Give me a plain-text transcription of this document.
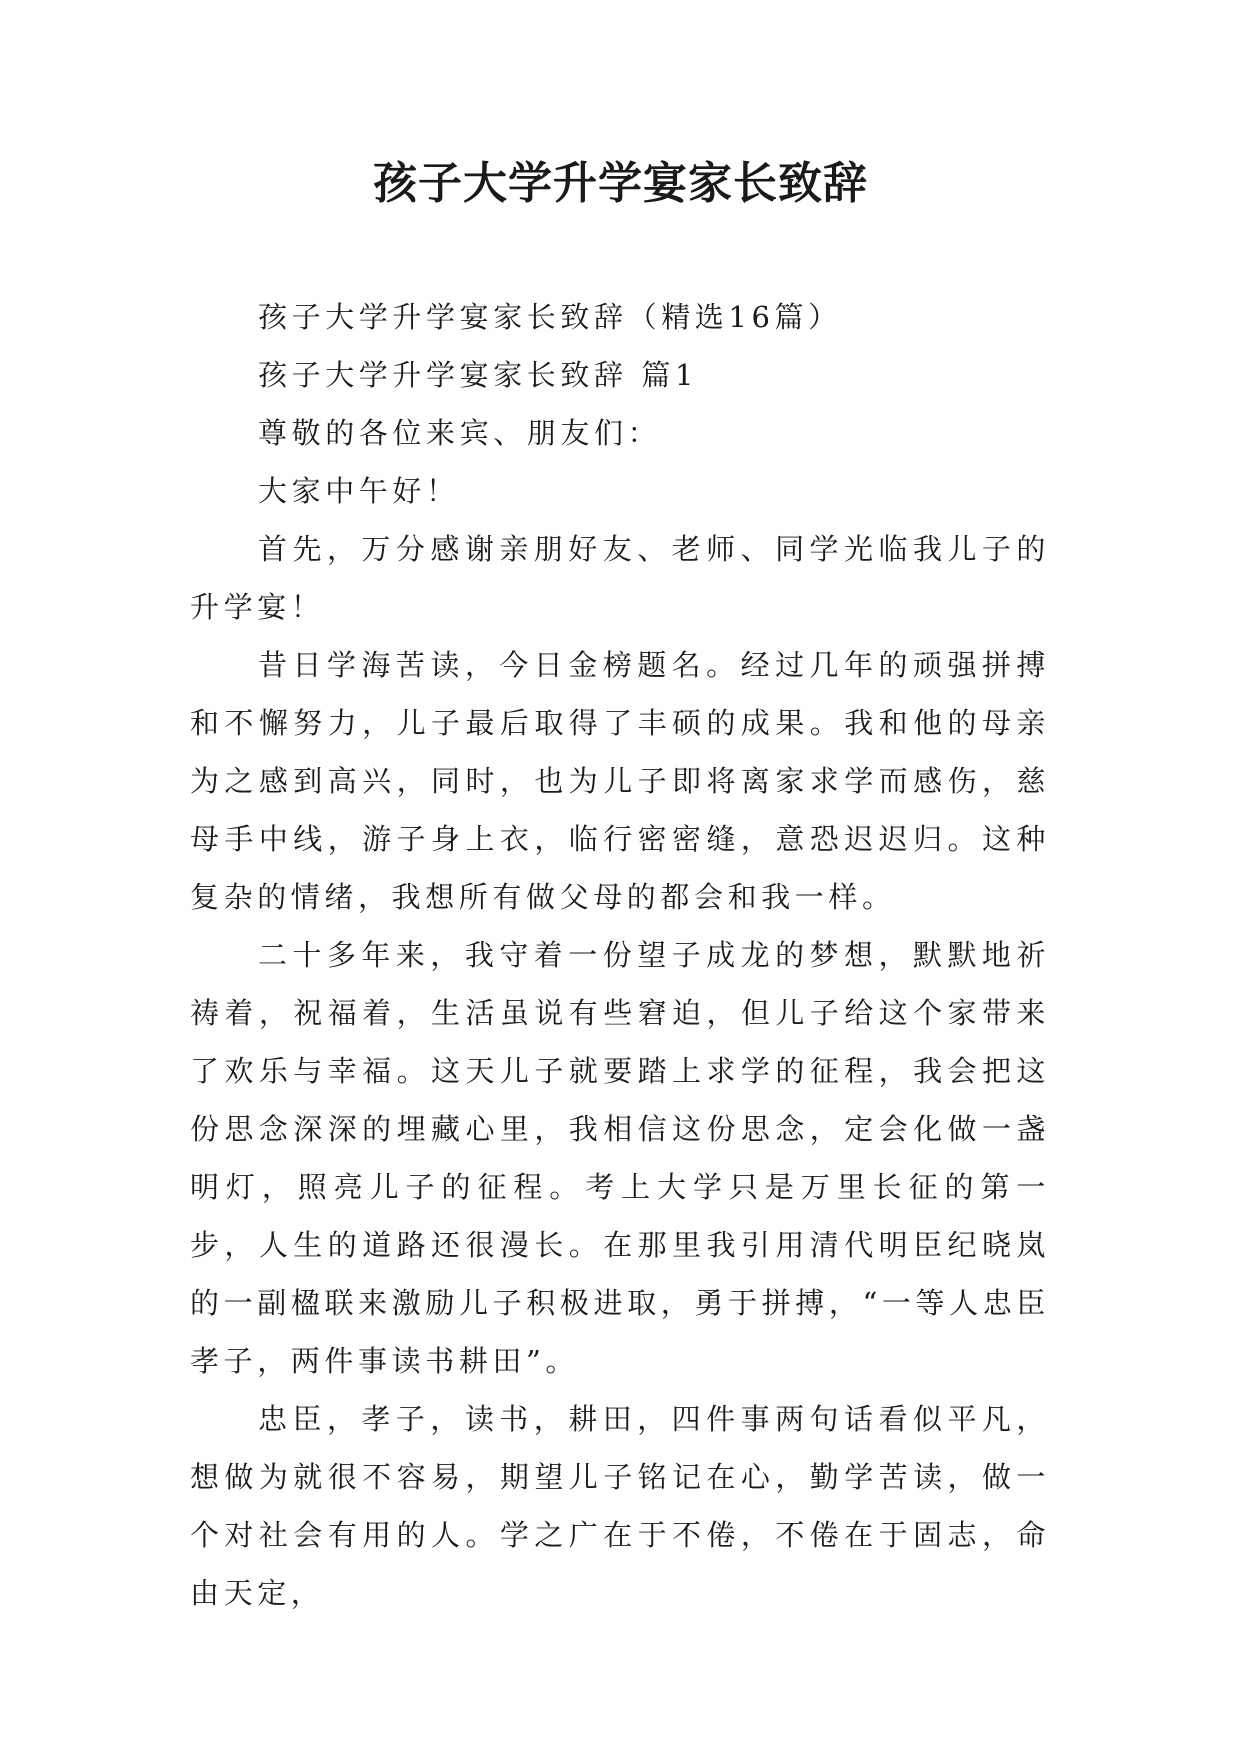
孩子大学升学宴家长致辞

孩子大学升学宴家长致辞（精选16篇）

孩子大学升学宴家长致辞 篇1

尊敬的各位来宾、朋友们：

大家中午好！

首先，万分感谢亲朋好友、老师、同学光临我儿子的升学宴！

昔日学海苦读，今日金榜题名。经过几年的顽强拼搏和不懈努力，儿子最后取得了丰硕的成果。我和他的母亲为之感到高兴，同时，也为儿子即将离家求学而感伤，慈母手中线，游子身上衣，临行密密缝，意恐迟迟归。这种复杂的情绪，我想所有做父母的都会和我一样。

二十多年来，我守着一份望子成龙的梦想，默默地祈祷着，祝福着，生活虽说有些窘迫，但儿子给这个家带来了欢乐与幸福。这天儿子就要踏上求学的征程，我会把这份思念深深的埋藏心里，我相信这份思念，定会化做一盏明灯，照亮儿子的征程。考上大学只是万里长征的第一步，人生的道路还很漫长。在那里我引用清代明臣纪晓岚的一副楹联来激励儿子积极进取，勇于拼搏，“一等人忠臣孝子，两件事读书耕田”。

忠臣，孝子，读书，耕田，四件事两句话看似平凡，想做为就很不容易，期望儿子铭记在心，勤学苦读，做一个对社会有用的人。学之广在于不倦，不倦在于固志，命由天定，
